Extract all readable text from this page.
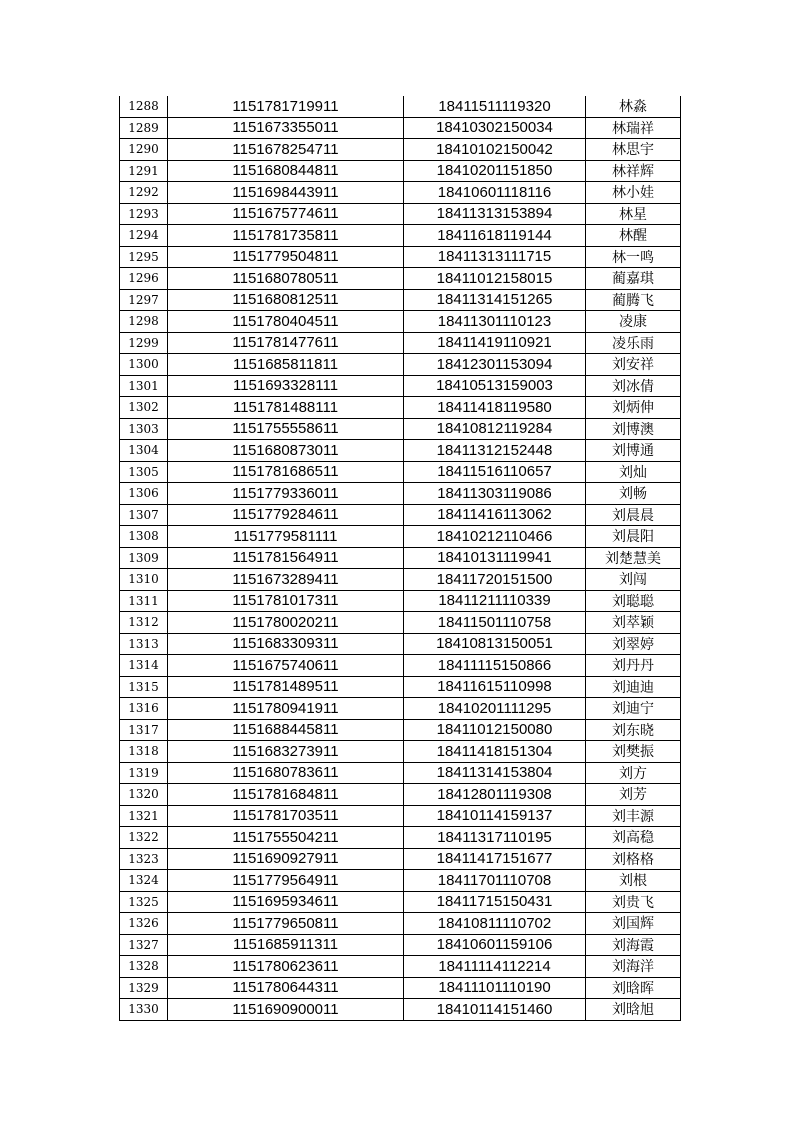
1288	1151781719911	18411511119320	林淼
1289	1151673355011	18410302150034	林瑞祥
1290	1151678254711	18410102150042	林思宇
1291	1151680844811	18410201151850	林祥辉
1292	1151698443911	18410601118116	林小娃
1293	1151675774611	18411313153894	林星
1294	1151781735811	18411618119144	林醒
1295	1151779504811	18411313111715	林一鸣
1296	1151680780511	18411012158015	蔺嘉琪
1297	1151680812511	18411314151265	蔺腾飞
1298	1151780404511	18411301110123	凌康
1299	1151781477611	18411419110921	凌乐雨
1300	1151685811811	18412301153094	刘安祥
1301	1151693328111	18410513159003	刘冰倩
1302	1151781488111	18411418119580	刘炳伸
1303	1151755558611	18410812119284	刘博澳
1304	1151680873011	18411312152448	刘博通
1305	1151781686511	18411516110657	刘灿
1306	1151779336011	18411303119086	刘畅
1307	1151779284611	18411416113062	刘晨晨
1308	1151779581111	18410212110466	刘晨阳
1309	1151781564911	18410131119941	刘楚慧美
1310	1151673289411	18411720151500	刘闯
1311	1151781017311	18411211110339	刘聪聪
1312	1151780020211	18411501110758	刘萃颖
1313	1151683309311	18410813150051	刘翠婷
1314	1151675740611	18411115150866	刘丹丹
1315	1151781489511	18411615110998	刘迪迪
1316	1151780941911	18410201111295	刘迪宁
1317	1151688445811	18411012150080	刘东晓
1318	1151683273911	18411418151304	刘樊振
1319	1151680783611	18411314153804	刘方
1320	1151781684811	18412801119308	刘芳
1321	1151781703511	18410114159137	刘丰源
1322	1151755504211	18411317110195	刘高稳
1323	1151690927911	18411417151677	刘格格
1324	1151779564911	18411701110708	刘根
1325	1151695934611	18411715150431	刘贵飞
1326	1151779650811	18410811110702	刘国辉
1327	1151685911311	18410601159106	刘海霞
1328	1151780623611	18411114112214	刘海洋
1329	1151780644311	18411101110190	刘晗晖
1330	1151690900011	18410114151460	刘晗旭
